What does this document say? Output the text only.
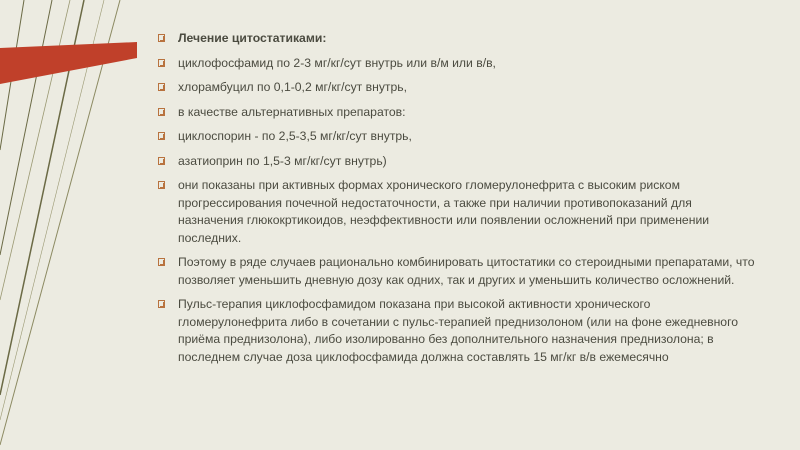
Лечение цитостатиками:
циклофосфамид по 2-3 мг/кг/сут внутрь или в/м или в/в,
хлорамбуцил по 0,1-0,2 мг/кг/сут внутрь,
в качестве альтернативных препаратов:
циклоспорин - по 2,5-3,5 мг/кг/сут внутрь,
азатиоприн по 1,5-3 мг/кг/сут внутрь)
они показаны при активных формах хронического гломерулонефрита с высоким риском прогрессирования почечной недостаточности, а также при наличии противопоказаний для назначения глюкокртикоидов, неэффективности или появлении осложнений при применении последних.
Поэтому в ряде случаев рационально комбинировать цитостатики со стероидными препаратами, что позволяет уменьшить дневную дозу как одних, так и других и уменьшить количество осложнений.
Пульс-терапия циклофосфамидом показана при высокой активности хронического гломерулонефрита либо в сочетании с пульс-терапией преднизолоном (или на фоне ежедневного приёма преднизолона), либо изолированно без дополнительного назначения преднизолона; в последнем случае доза циклофосфамида должна составлять 15 мг/кг в/в ежемесячно
